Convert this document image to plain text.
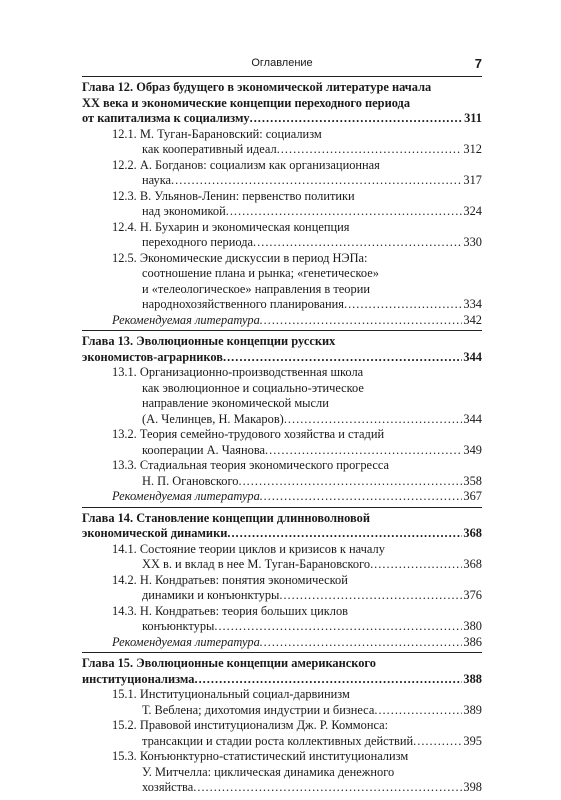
Оглавление	7
Глава 12. Образ будущего в экономической литературе начала
XX века и экономические концепции переходного периода
от капитализма к социализму .....	311
12.1. М. Туган-Барановский: социализм
как кооперативный идеал .....	312
12.2. А. Богданов: социализм как организационная
наука .....	317
12.3. В. Ульянов-Ленин: первенство политики
над экономикой .....	324
12.4. Н. Бухарин и экономическая концепция
переходного периода .....	330
12.5. Экономические дискуссии в период НЭПа:
соотношение плана и рынка; «генетическое»
и «телеологическое» направления в теории
народнохозяйственного планирования .....	334
Рекомендуемая литература .....	342
Глава 13. Эволюционные концепции русских
экономистов-аграрников .....	344
13.1. Организационно-производственная школа
как эволюционное и социально-этическое
направление экономической мысли
(А. Челинцев, Н. Макаров) .....	344
13.2. Теория семейно-трудового хозяйства и стадий
кооперации А. Чаянова .....	349
13.3. Стадиальная теория экономического прогресса
Н. П. Огановского .....	358
Рекомендуемая литература .....	367
Глава 14. Становление концепции длинноволновой
экономической динамики .....	368
14.1. Состояние теории циклов и кризисов к началу
XX в. и вклад в нее М. Туган-Барановского .....	368
14.2. Н. Кондратьев: понятия экономической
динамики и конъюнктуры .....	376
14.3. Н. Кондратьев: теория больших циклов
конъюнктуры .....	380
Рекомендуемая литература .....	386
Глава 15. Эволюционные концепции американского
институционализма .....	388
15.1. Институциональный социал-дарвинизм
Т. Веблена; дихотомия индустрии и бизнеса .....	389
15.2. Правовой институционализм Дж. Р. Коммонса:
трансакции и стадии роста коллективных действий .....	395
15.3. Конъюнктурно-статистический институционализм
У. Митчелла: циклическая динамика денежного
хозяйства .....	398
